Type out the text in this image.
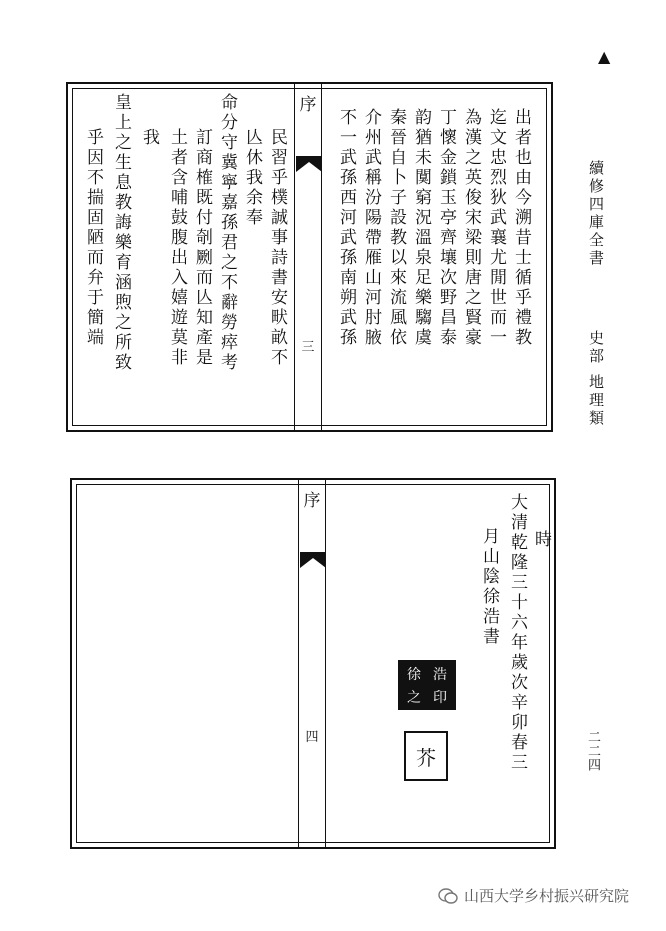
▲
續修四庫全書
史部 地理類
二二四
序
三	不一武孫西河武孫南朔武孫 介州武稱汾陽帶雁山河肘腋 秦晉自卜子設教以來流風依 韵猶未闃窮況溫泉足樂騶虞 丁懷金鎖玉亭齊壤次野昌泰 為漢之英俊宋梁則唐之賢豪 迄文忠烈狄武襄尤閒世而一 出者也由今溯昔士循乎禮教
民習乎樸誠事詩書安畎畝不
亾休我余奉
命分守冀寧嘉孫君之不辭勞瘁考
訂商榷既付剞劂而亾知產是
土者含哺鼓腹出入嬉遊莫非
我
皇上之生息教誨樂育涵煦之所致
乎因不揣固陋而弁于簡端
序
四
時
大清乾隆三十六年歲次辛卯春三
月山陰徐浩書
徐 浩
之 印
芥
山西大学乡村振兴研究院
